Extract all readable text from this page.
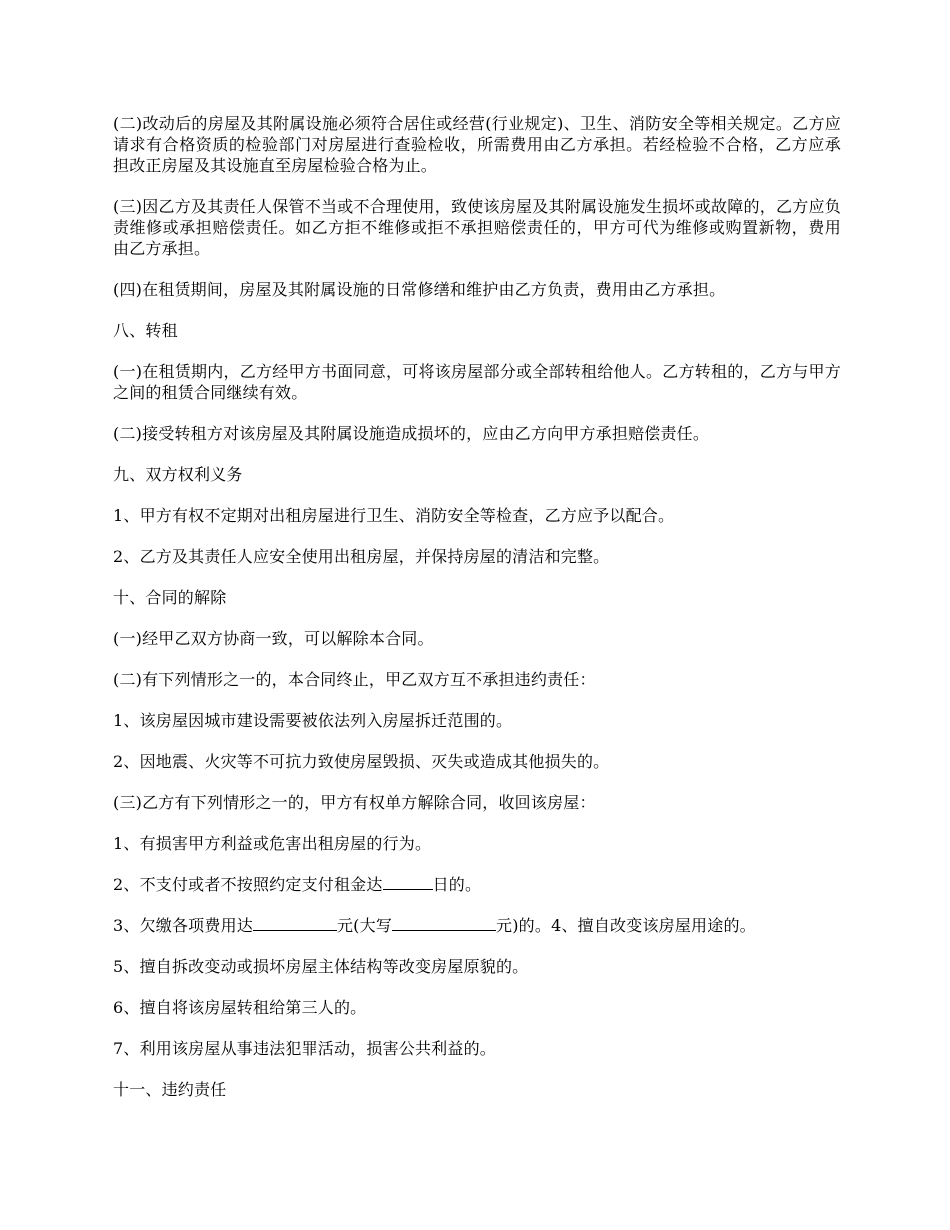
(二)改动后的房屋及其附属设施必须符合居住或经营(行业规定)、卫生、消防安全等相关规定。乙方应请求有合格资质的检验部门对房屋进行查验检收，所需费用由乙方承担。若经检验不合格，乙方应承担改正房屋及其设施直至房屋检验合格为止。

(三)因乙方及其责任人保管不当或不合理使用，致使该房屋及其附属设施发生损坏或故障的，乙方应负责维修或承担赔偿责任。如乙方拒不维修或拒不承担赔偿责任的，甲方可代为维修或购置新物，费用由乙方承担。

(四)在租赁期间，房屋及其附属设施的日常修缮和维护由乙方负责，费用由乙方承担。

八、转租

(一)在租赁期内，乙方经甲方书面同意，可将该房屋部分或全部转租给他人。乙方转租的，乙方与甲方之间的租赁合同继续有效。

(二)接受转租方对该房屋及其附属设施造成损坏的，应由乙方向甲方承担赔偿责任。

九、双方权利义务

1、甲方有权不定期对出租房屋进行卫生、消防安全等检查，乙方应予以配合。

2、乙方及其责任人应安全使用出租房屋，并保持房屋的清洁和完整。

十、合同的解除

(一)经甲乙双方协商一致，可以解除本合同。

(二)有下列情形之一的，本合同终止，甲乙双方互不承担违约责任：

1、该房屋因城市建设需要被依法列入房屋拆迁范围的。

2、因地震、火灾等不可抗力致使房屋毁损、灭失或造成其他损失的。

(三)乙方有下列情形之一的，甲方有权单方解除合同，收回该房屋：

1、有损害甲方利益或危害出租房屋的行为。

2、不支付或者不按照约定支付租金达	日的。

3、欠缴各项费用达	元(大写	元)的。4、擅自改变该房屋用途的。

5、擅自拆改变动或损坏房屋主体结构等改变房屋原貌的。

6、擅自将该房屋转租给第三人的。

7、利用该房屋从事违法犯罪活动，损害公共利益的。

十一、违约责任
